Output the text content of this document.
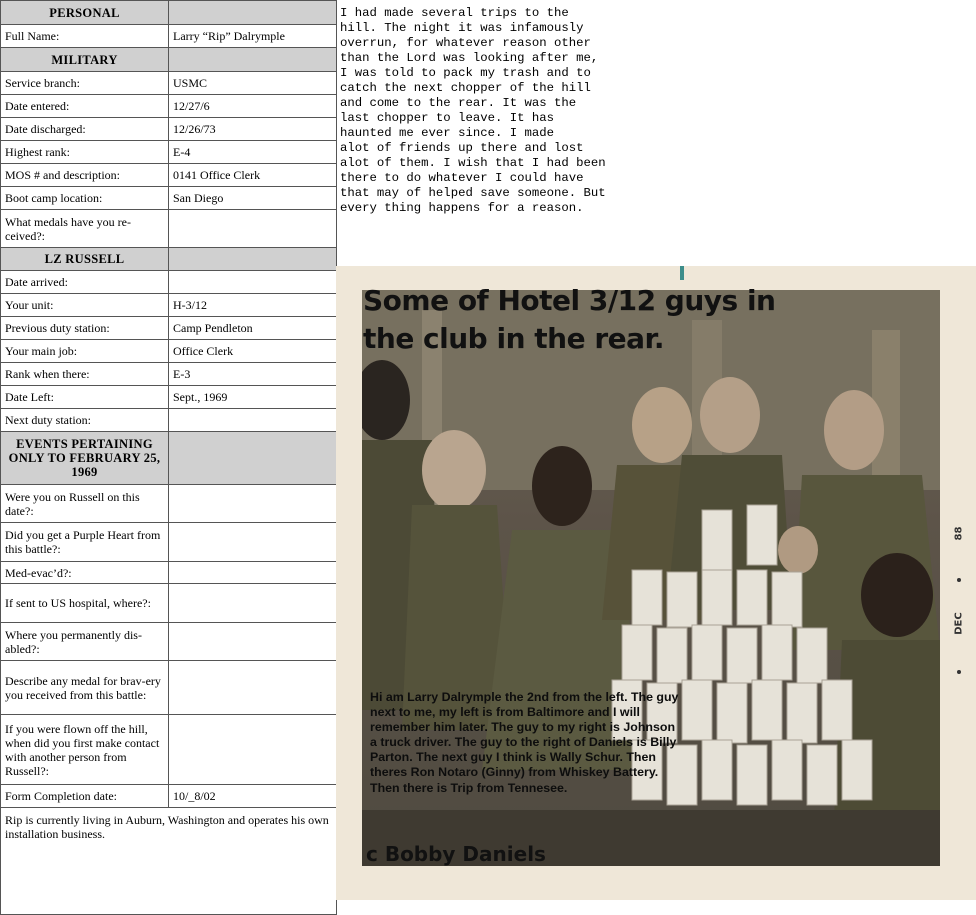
PERSONAL	
Full Name:	Larry “Rip” Dalrymple
MILITARY	
Service branch:	USMC
Date entered:	12/27/6
Date discharged:	12/26/73
Highest rank:	E-4
MOS # and description:	0141 Office Clerk
Boot camp location:	San Diego
What medals have you re-ceived?:	
LZ RUSSELL	
Date arrived:	
Your unit:	H-3/12
Previous duty station:	Camp Pendleton
Your main job:	Office Clerk
Rank when there:	E-3
Date Left:	Sept., 1969
Next duty station:	
EVENTS PERTAINING ONLY TO FEBRUARY 25, 1969	
Were you on Russell on this date?:	
Did you get a Purple Heart from this battle?:	
Med-evac’d?:	
If sent to US hospital, where?:	
Where you permanently dis-abled?:	
Describe any medal for brav-ery you received from this battle:	
If you were flown off the hill, when did you first make contact with another person from Russell?:	
Form Completion date:	10/_8/02
Rip is currently living in Auburn, Washington and operates his own installation business.	
I had made several trips to the
hill. The night it was infamously
overrun, for whatever reason other
than the Lord was looking after me,
I was told to pack my trash and to
catch the next chopper of the hill
and come to the rear. It was the
last chopper to leave. It has
haunted me ever since. I made
alot of friends up there and lost
alot of them. I wish that I had been
there to do whatever I could have
that may of helped save someone. But
every thing happens for a reason.

Some of Hotel 3/12 guys in the club in the rear.

Hi am Larry Dalrymple the 2nd from the left. The guy next to me, my left is from Baltimore and I will remember him later. The guy to my right is Johnson a truck driver. The guy to the right of Daniels is Billy Parton. The next guy I think is Wally Schur. Then theres Ron Notaro (Ginny) from Whiskey Battery. Then there is Trip from Tennesee.

c Bobby Daniels

88
DEC
